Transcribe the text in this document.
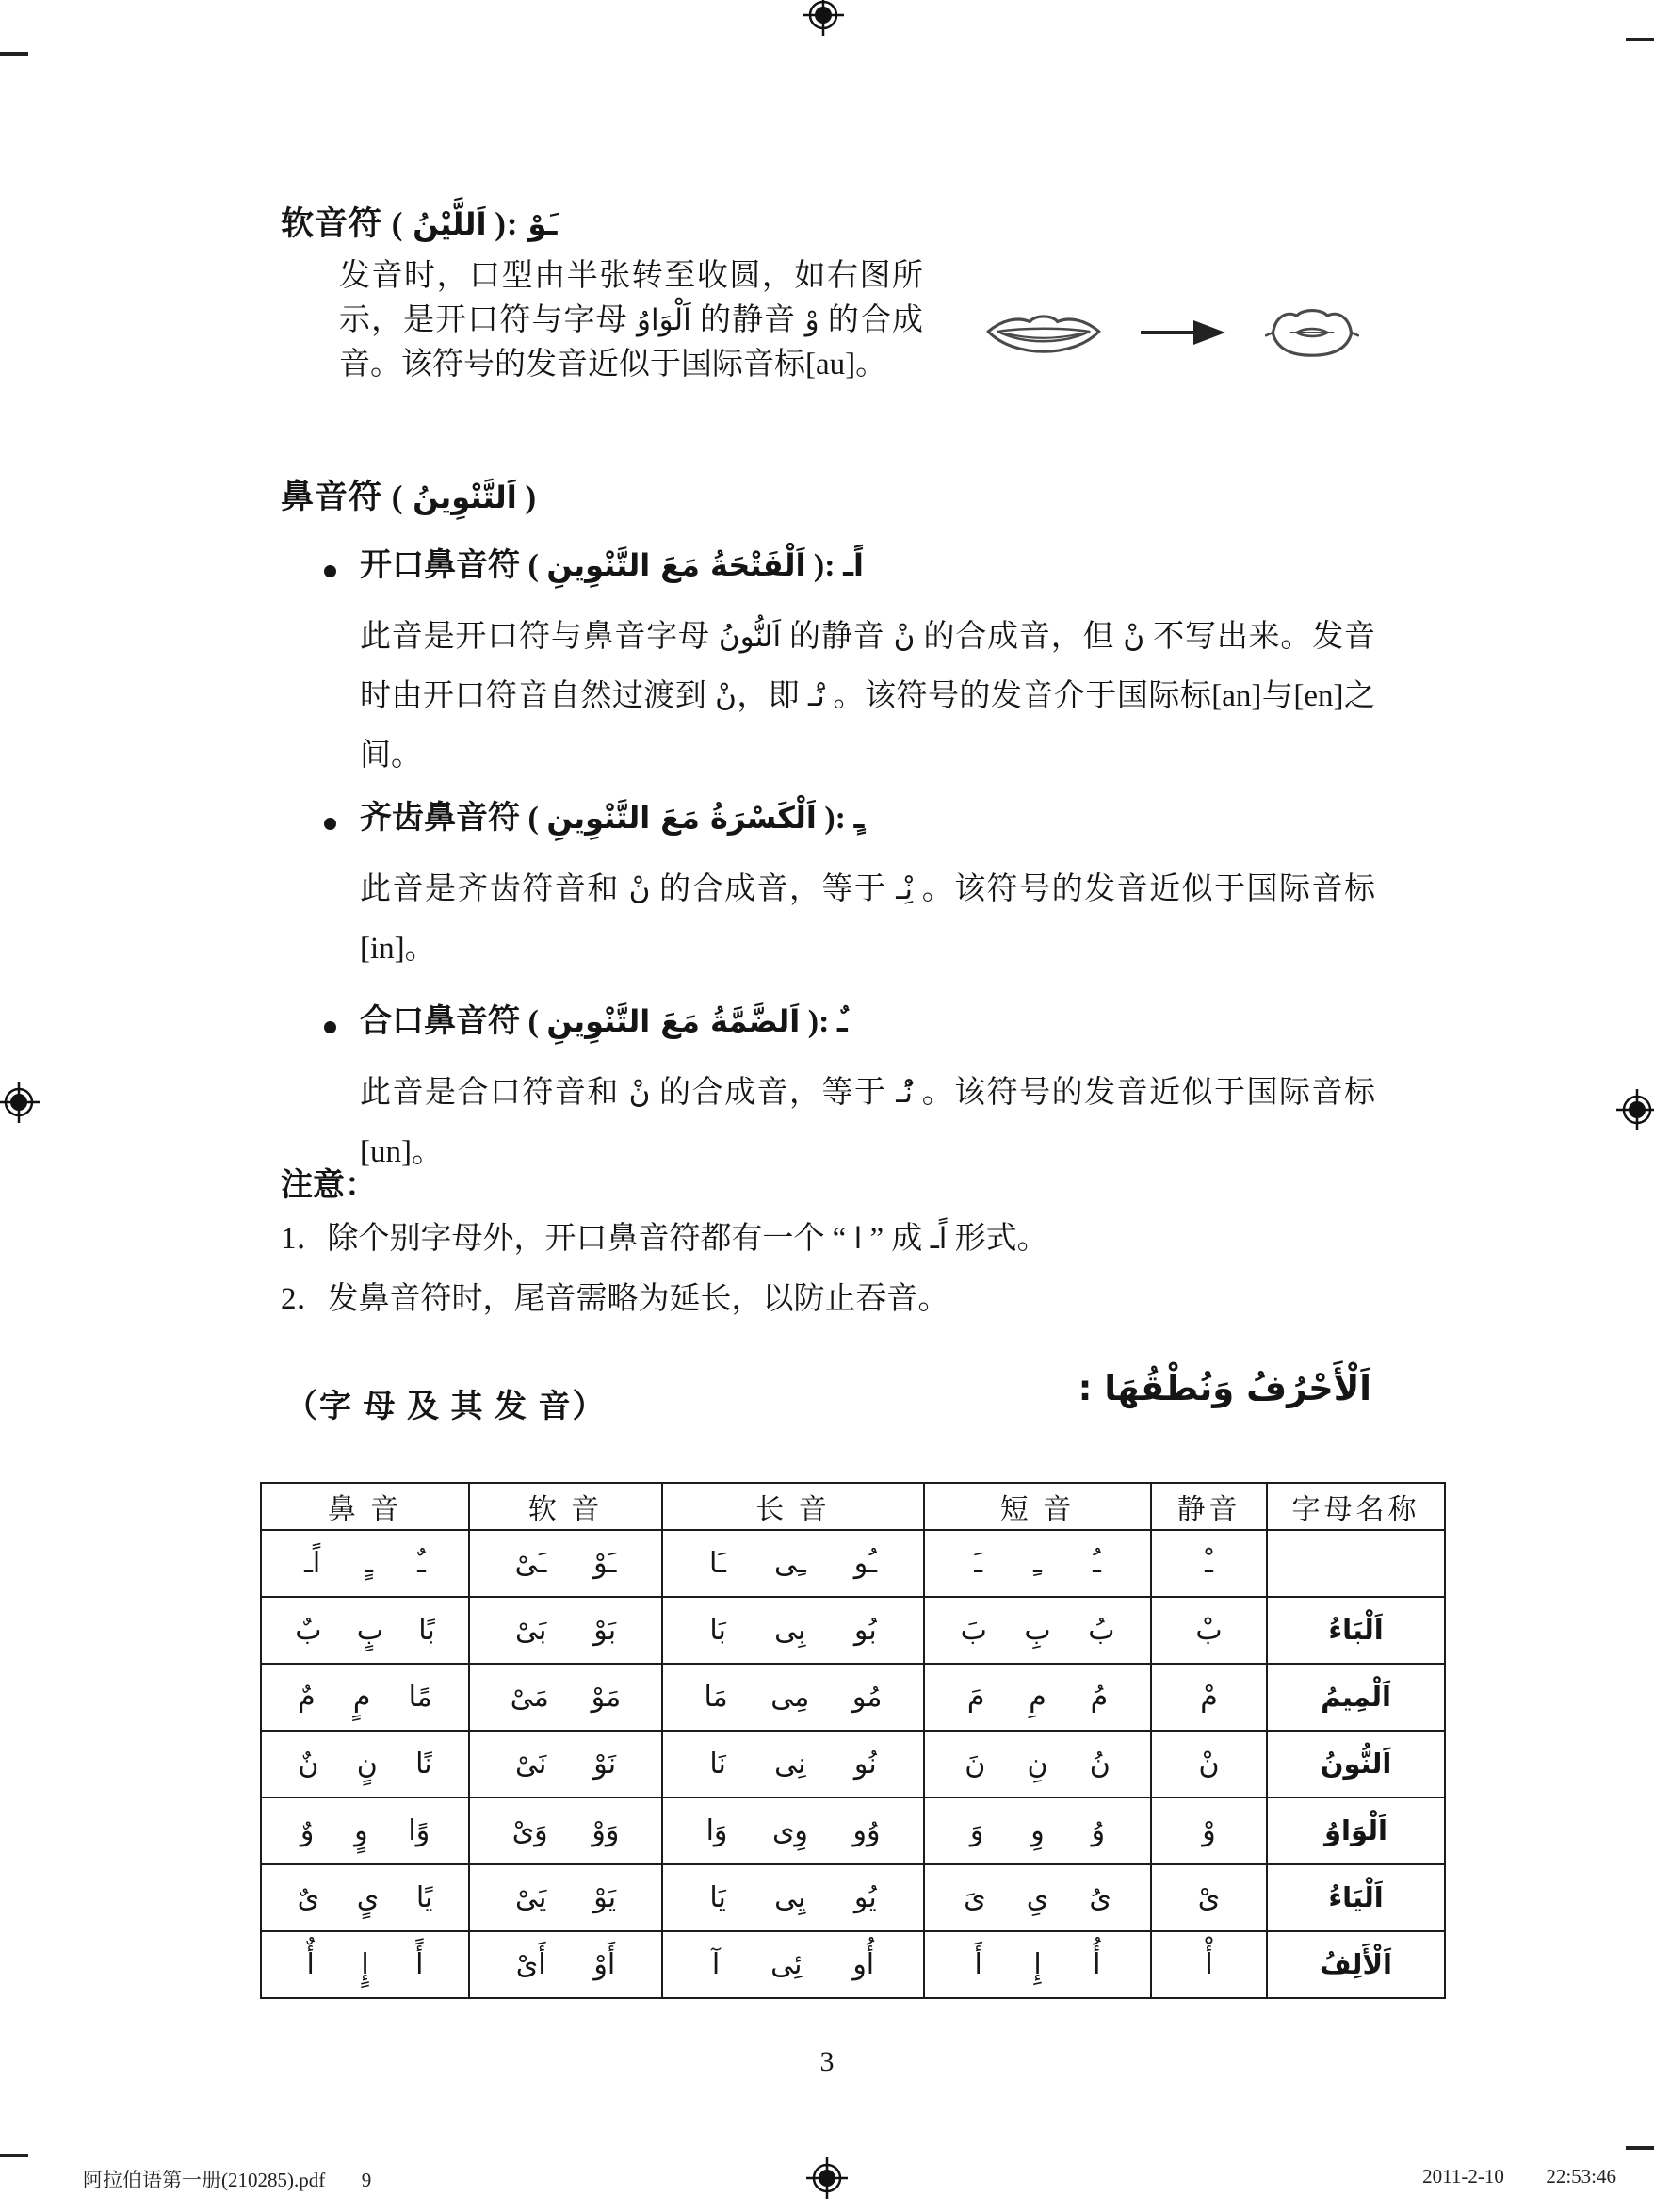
软音符 ( اَللَّيْنُ ): ـَوْ
发音时，口型由半张转至收圆，如右图所示，是开口符与字母 اَلْوَاوُ 的静音 وْ 的合成音。该符号的发音近似于国际音标[au]。
鼻音符 ( اَلتَّنْوِينُ )
开口鼻音符 ( اَلْفَتْحَةُ مَعَ التَّنْوِينِ ): اًـ
此音是开口符与鼻音字母 اَلنُّونُ 的静音 نْ 的合成音，但 نْ 不写出来。发音时由开口符音自然过渡到 نْ，即 نَْـ 。该符号的发音介于国际标[an]与[en]之间。
齐齿鼻音符 ( اَلْكَسْرَةُ مَعَ التَّنْوِينِ ): ـٍ
此音是齐齿符音和 نْ 的合成音，等于 نِْـ 。该符号的发音近似于国际音标[in]。
合口鼻音符 ( اَلضَّمَّةُ مَعَ التَّنْوِينِ ): ـٌ
此音是合口符音和 نْ 的合成音，等于 نُْـ 。该符号的发音近似于国际音标[un]。
注意：
1．除个别字母外，开口鼻音符都有一个 “ ا ” 成 اًـ 形式。
2．发鼻音符时，尾音需略为延长，以防止吞音。
（字 母 及 其 发 音）	اَلْأَحْرُفُ وَنُطْقُهَا :
鼻 音	软 音	长 音	短 音	静音	字母名称

اًـ ـٍ ـٌ	ـَىْ ـَوْ	ـَا ـِى ـُو	ـَ ـِ ـُ	ـْ	

بٌ بٍ بًا	بَىْ بَوْ	بَا بِى بُو	بَ بِ بُ	بْ	اَلْبَاءُ

مٌ مٍ مًا	مَىْ مَوْ	مَا مِى مُو	مَ مِ مُ	مْ	اَلْمِيمُ

نٌ نٍ نًا	نَىْ نَوْ	نَا نِى نُو	نَ نِ نُ	نْ	اَلنُّونُ

وٌ وٍ وًا	وَىْ وَوْ	وَا وِى وُو	وَ وِ وُ	وْ	اَلْوَاوُ

ىٌ ىٍ يًا	يَىْ يَوْ	يَا يِى يُو	ىَ ىِ ىُ	ىْ	اَلْيَاءُ

أٌ إٍ أً	أَىْ أَوْ	آ ئِى أُو	أَ إِ أُ	أْ	اَلْأَلِفُ
3
阿拉伯语第一册(210285).pdf 9	2011-2-10 22:53:46
